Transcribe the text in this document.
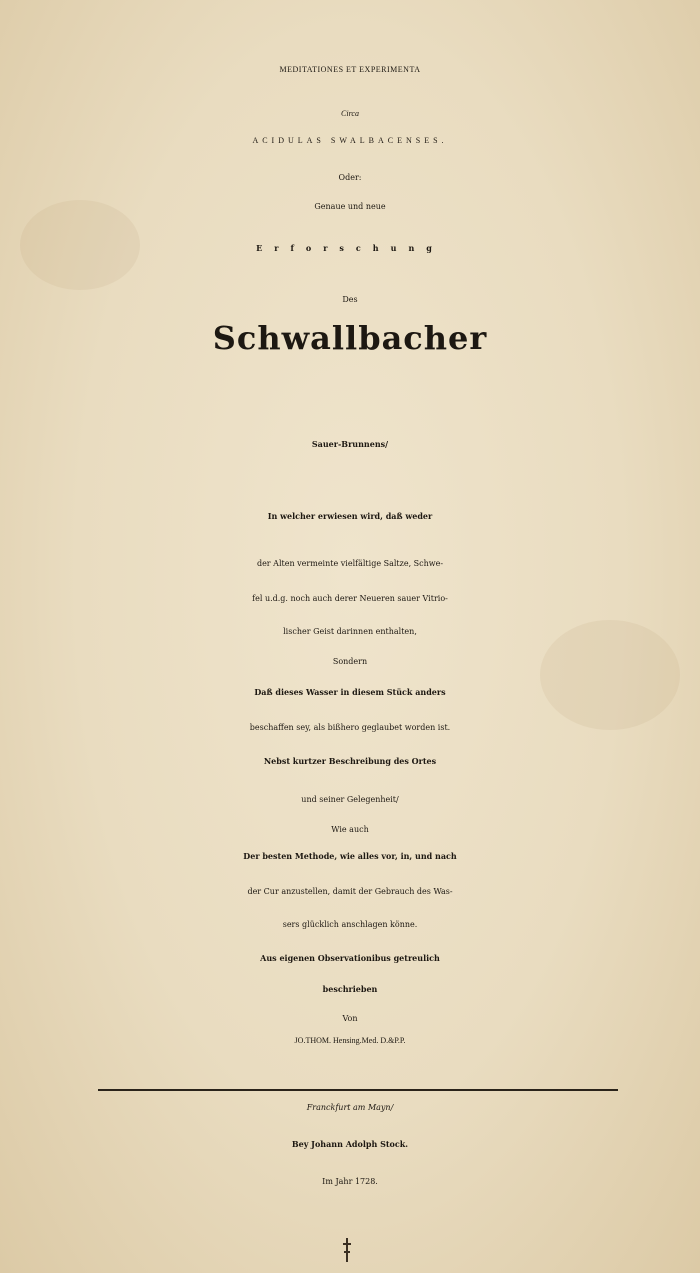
MEDITATIONES ET EXPERIMENTA
Circa
ACIDULAS SWALBACENSES.
Oder:
Genaue und neue
Erforschung
Des
Schwallbacher
Sauer-Brunnens/
In welcher erwiesen wird, daß weder
der Alten vermeinte vielfältige Saltze, Schwe-
fel u.d.g. noch auch derer Neueren sauer Vitrio-
lischer Geist darinnen enthalten,
Sondern
Daß dieses Wasser in diesem Stück anders
beschaffen sey, als bißhero geglaubet worden ist.
Nebst kurtzer Beschreibung des Ortes
und seiner Gelegenheit/
Wie auch
Der besten Methode, wie alles vor, in, und nach
der Cur anzustellen, damit der Gebrauch des Was-
sers glücklich anschlagen könne.
Aus eigenen Observationibus getreulich
beschrieben
Von
JO.THOM. Hensing.Med. D.&P.P.
Franckfurt am Mayn/
Bey Johann Adolph Stock.
Im Jahr 1728.
